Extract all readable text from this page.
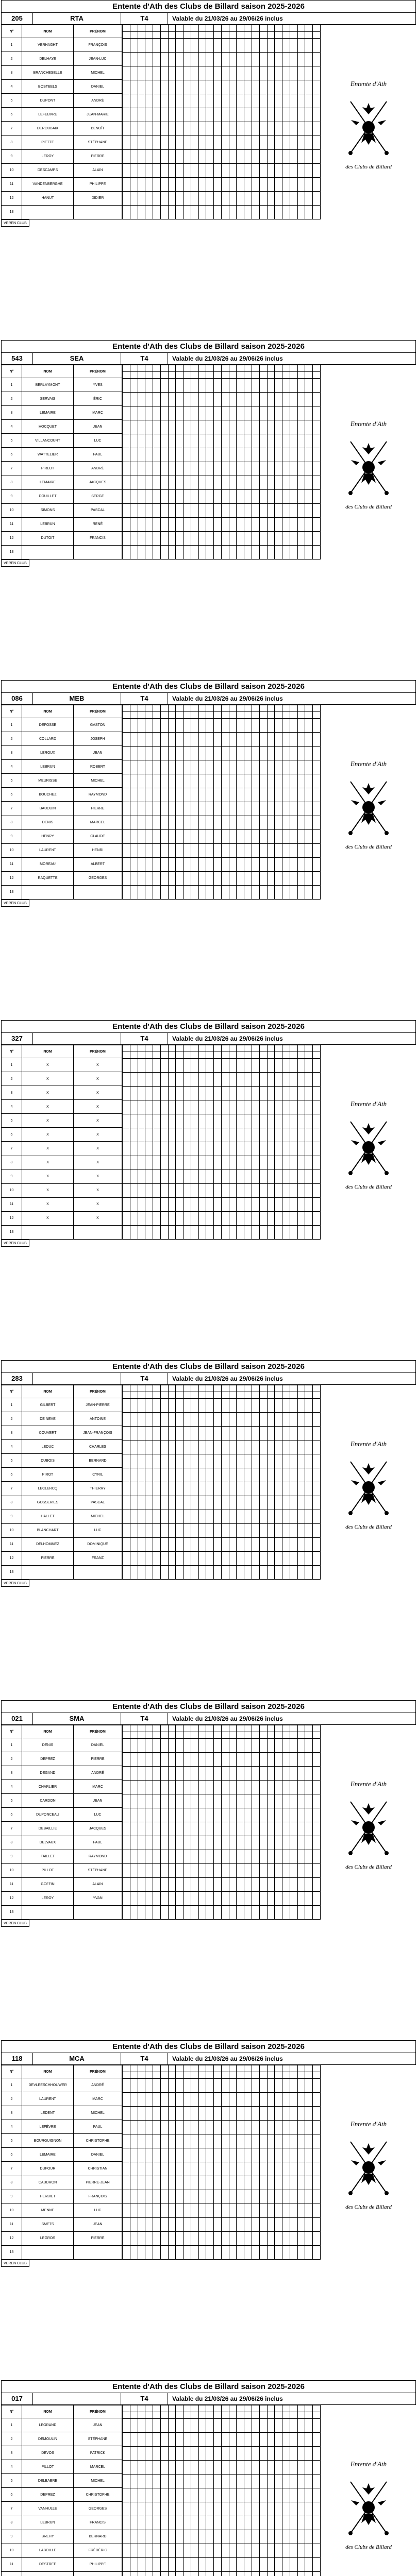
Entente d'Ath des Clubs de Billard saison 2025-2026
205	RTA	T4	Valable du 21/03/26 au 29/06/26 inclus
N°	NOM	PRÉNOM
1	VERHAGHT	FRANÇOIS
2	DELHAYE	JEAN-LUC
3	BRANCHESELLE	MICHEL
4	BOSTEELS	DANIEL
5	DUPONT	ANDRÉ
6	LEFEBVRE	JEAN-MARIE
7	DEROUBAIX	BENOÎT
8	PIETTE	STÉPHANE
9	LEROY	PIERRE
10	DESCAMPS	ALAIN
11	VANDENBERGHE	PHILIPPE
12	HANUT	DIDIER
13		

Entente d'Ath
des Clubs de Billard
VEREN CLUB
Entente d'Ath des Clubs de Billard saison 2025-2026
543	SEA	T4	Valable du 21/03/26 au 29/06/26 inclus
N°	NOM	PRÉNOM
1	BERLAYMONT	YVES
2	SERVAIS	ÉRIC
3	LEMAIRE	MARC
4	HOCQUET	JEAN
5	VILLANCOURT	LUC
6	WATTELIER	PAUL
7	PIRLOT	ANDRÉ
8	LEMAIRE	JACQUES
9	DOUILLET	SERGE
10	SIMONS	PASCAL
11	LEBRUN	RENÉ
12	DUTOIT	FRANCIS
13		

Entente d'Ath
des Clubs de Billard
VEREN CLUB
Entente d'Ath des Clubs de Billard saison 2025-2026
086	MEB	T4	Valable du 21/03/26 au 29/06/26 inclus
N°	NOM	PRÉNOM
1	DEFOSSE	GASTON
2	COLLARD	JOSEPH
3	LEROUX	JEAN
4	LEBRUN	ROBERT
5	MEURISSE	MICHEL
6	BOUCHEZ	RAYMOND
7	BAUDUIN	PIERRE
8	DENIS	MARCEL
9	HENRY	CLAUDE
10	LAURENT	HENRI
11	MOREAU	ALBERT
12	RAQUETTE	GEORGES
13		

Entente d'Ath
des Clubs de Billard
VEREN CLUB
Entente d'Ath des Clubs de Billard saison 2025-2026
327	T4	Valable du 21/03/26 au 29/06/26 inclus
N°	NOM	PRÉNOM
1	X	X
2	X	X
3	X	X
4	X	X
5	X	X
6	X	X
7	X	X
8	X	X
9	X	X
10	X	X
11	X	X
12	X	X
13		

Entente d'Ath
des Clubs de Billard
VEREN CLUB
Entente d'Ath des Clubs de Billard saison 2025-2026
283	T4	Valable du 21/03/26 au 29/06/26 inclus
N°	NOM	PRÉNOM
1	GILBERT	JEAN-PIERRE
2	DE NEVE	ANTOINE
3	COUVERT	JEAN-FRANÇOIS
4	LEDUC	CHARLES
5	DUBOIS	BERNARD
6	PIROT	CYRIL
7	LECLERCQ	THIERRY
8	GOSSERIES	PASCAL
9	HALLET	MICHEL
10	BLANCHART	LUC
11	DELHOMMEZ	DOMINIQUE
12	PIERRE	FRANZ
13		

Entente d'Ath
des Clubs de Billard
VEREN CLUB
Entente d'Ath des Clubs de Billard saison 2025-2026
021	SMA	T4	Valable du 21/03/26 au 29/06/26 inclus
N°	NOM	PRÉNOM
1	DENIS	DANIEL
2	DEPREZ	PIERRE
3	DEGAND	ANDRÉ
4	CHARLIER	MARC
5	CARDON	JEAN
6	DUPONCEAU	LUC
7	DEBAILLIE	JACQUES
8	DELVAUX	PAUL
9	TAILLET	RAYMOND
10	PILLOT	STÉPHANE
11	GOFFIN	ALAIN
12	LEROY	YVAN
13		

Entente d'Ath
des Clubs de Billard
VEREN CLUB
Entente d'Ath des Clubs de Billard saison 2025-2026
118	MCA	T4	Valable du 21/03/26 au 29/06/26 inclus
N°	NOM	PRÉNOM
1	DEVLEESCHHOUWER	ANDRÉ
2	LAURENT	MARC
3	LEDENT	MICHEL
4	LEFÈVRE	PAUL
5	BOURGUIGNON	CHRISTOPHE
6	LEMAIRE	DANIEL
7	DUFOUR	CHRISTIAN
8	CAUDRON	PIERRE-JEAN
9	HERBIET	FRANÇOIS
10	MENNE	LUC
11	SMETS	JEAN
12	LEGROS	PIERRE
13		

Entente d'Ath
des Clubs de Billard
VEREN CLUB
Entente d'Ath des Clubs de Billard saison 2025-2026
017	T4	Valable du 21/03/26 au 29/06/26 inclus
N°	NOM	PRÉNOM
1	LEGRAND	JEAN
2	DEMOULIN	STÉPHANE
3	DEVOS	PATRICK
4	PILLOT	MARCEL
5	DELBAERE	MICHEL
6	DEPREZ	CHRISTOPHE
7	VANHULLE	GEORGES
8	LEBRUN	FRANCIS
9	BREHY	BERNARD
10	LABOILLE	FRÉDÉRIC
11	DESTREE	PHILIPPE

Entente d'Ath
des Clubs de Billard
